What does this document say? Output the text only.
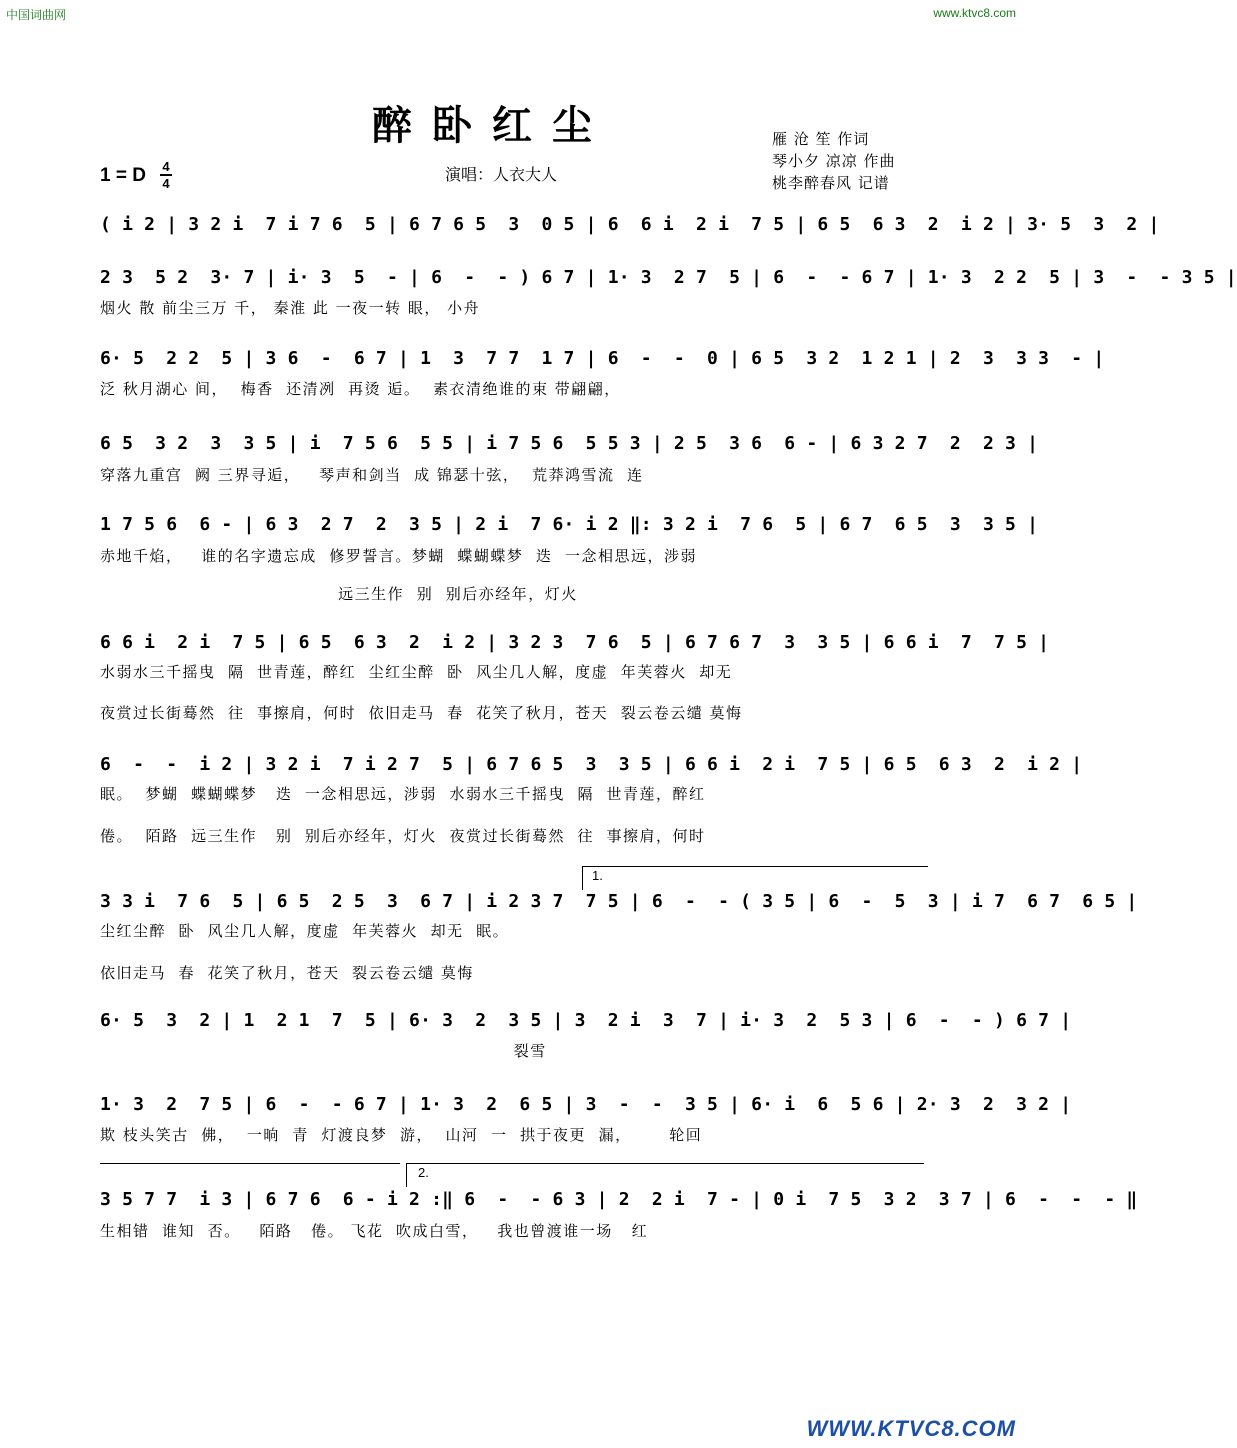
中国词曲网	www.ktvc8.com
醉卧红尘	雁 沧 笙 作词
琴小夕 凉凉 作曲
桃李醉春风 记谱
1 = D	4
4	演唱：人衣大人
( i 2 | 3 2 i  7 i 7 6  5 | 6 7 6 5  3  0 5 | 6  6 i  2 i  7 5 | 6 5  6 3  2  i 2 | 3· 5  3  2 |
2 3  5 2  3· 7 | i· 3  5  - | 6  -  - ) 6 7 | 1· 3  2 7  5 | 6  -  - 6 7 | 1· 3  2 2  5 | 3  -  - 3 5 |
烟火 散 前尘三万 千， 秦淮 此 一夜一转 眼， 小舟
6· 5  2 2  5 | 3 6  -  6 7 | 1  3  7 7  1 7 | 6  -  -  0 | 6 5  3 2  1 2 1 | 2  3  3 3  - |
泛 秋月湖心 间，  梅香  还清冽  再烫 逅。  素衣清绝谁的束 带翩翩，
6 5  3 2  3  3 5 | i  7 5 6  5 5 | i 7 5 6  5 5 3 | 2 5  3 6  6 - | 6 3 2 7  2  2 3 |
穿落九重宫  阙 三界寻逅，   琴声和剑当  成 锦瑟十弦，  荒莽鸿雪流  连
1 7 5 6  6 - | 6 3  2 7  2  3 5 | 2 i  7 6· i 2 ‖: 3 2 i  7 6  5 | 6 7  6 5  3  3 5 |
赤地千焰，   谁的名字遗忘成  修罗誓言。梦蝴  蝶蝴蝶梦  迭  一念相思远，涉弱
远三生作  别  别后亦经年，灯火
6 6 i  2 i  7 5 | 6 5  6 3  2  i 2 | 3 2 3  7 6  5 | 6 7 6 7  3  3 5 | 6 6 i  7  7 5 |
水弱水三千摇曳  隔  世青莲，醉红  尘红尘醉  卧  风尘几人解，度虚  年芙蓉火  却无
夜赏过长街蓦然  往  事擦肩，何时  依旧走马  春  花笑了秋月，苍天  裂云卷云缱 莫悔
6  -  -  i 2 | 3 2 i  7 i 2 7  5 | 6 7 6 5  3  3 5 | 6 6 i  2 i  7 5 | 6 5  6 3  2  i 2 |
眠。  梦蝴  蝶蝴蝶梦   迭  一念相思远，涉弱  水弱水三千摇曳  隔  世青莲，醉红
倦。  陌路  远三生作   别  别后亦经年，灯火  夜赏过长街蓦然  往  事擦肩，何时
1.
3 3 i  7 6  5 | 6 5  2 5  3  6 7 | i 2 3 7  7 5 | 6  -  - ( 3 5 | 6  -  5  3 | i 7  6 7  6 5 |
尘红尘醉  卧  风尘几人解，度虚  年芙蓉火  却无  眠。
依旧走马  春  花笑了秋月，苍天  裂云卷云缱 莫悔
6· 5  3  2 | 1  2 1  7  5 | 6· 3  2  3 5 | 3  2 i  3  7 | i· 3  2  5 3 | 6  -  - ) 6 7 |
裂雪
1· 3  2  7 5 | 6  -  - 6 7 | 1· 3  2  6 5 | 3  -  -  3 5 | 6· i  6  5 6 | 2· 3  2  3 2 |
欺 枝头笑古  佛，  一晌  青  灯渡良梦  游，  山河  一  拱于夜更  漏，      轮回
2.
3 5 7 7  i 3 | 6 7 6  6 - i 2 :‖ 6  -  - 6 3 | 2  2 i  7 - | 0 i  7 5  3 2  3 7 | 6  -  -  - ‖
生相错  谁知  否。   陌路   倦。 飞花  吹成白雪，   我也曾渡谁一场   红
WWW.KTVC8.COM
